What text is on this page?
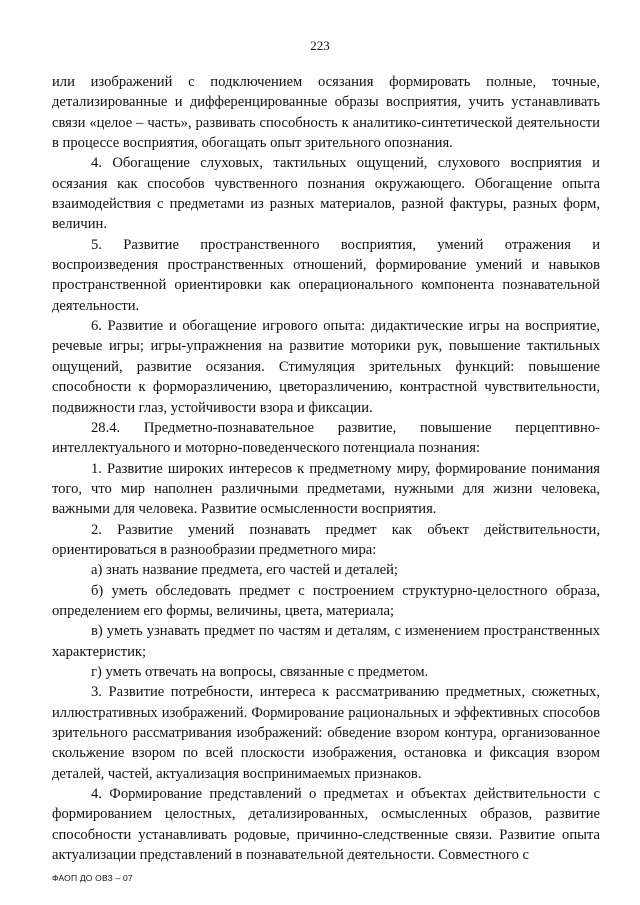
223

или изображений с подключением осязания формировать полные, точные, детализированные и дифференцированные образы восприятия, учить устанавливать связи «целое – часть», развивать способность к аналитико-синтетической деятельности в процессе восприятия, обогащать опыт зрительного опознания.

4. Обогащение слуховых, тактильных ощущений, слухового восприятия и осязания как способов чувственного познания окружающего. Обогащение опыта взаимодействия с предметами из разных материалов, разной фактуры, разных форм, величин.

5. Развитие пространственного восприятия, умений отражения и воспроизведения пространственных отношений, формирование умений и навыков пространственной ориентировки как операционального компонента познавательной деятельности.

6. Развитие и обогащение игрового опыта: дидактические игры на восприятие, речевые игры; игры-упражнения на развитие моторики рук, повышение тактильных ощущений, развитие осязания. Стимуляция зрительных функций: повышение способности к форморазличению, цветоразличению, контрастной чувствительности, подвижности глаз, устойчивости взора и фиксации.

28.4. Предметно-познавательное развитие, повышение перцептивно-интеллектуального и моторно-поведенческого потенциала познания:

1. Развитие широких интересов к предметному миру, формирование понимания того, что мир наполнен различными предметами, нужными для жизни человека, важными для человека. Развитие осмысленности восприятия.

2. Развитие умений познавать предмет как объект действительности, ориентироваться в разнообразии предметного мира:

а) знать название предмета, его частей и деталей;

б) уметь обследовать предмет с построением структурно-целостного образа, определением его формы, величины, цвета, материала;

в) уметь узнавать предмет по частям и деталям, с изменением пространственных характеристик;

г) уметь отвечать на вопросы, связанные с предметом.

3. Развитие потребности, интереса к рассматриванию предметных, сюжетных, иллюстративных изображений. Формирование рациональных и эффективных способов зрительного рассматривания изображений: обведение взором контура, организованное скольжение взором по всей плоскости изображения, остановка и фиксация взором деталей, частей, актуализация воспринимаемых признаков.

4. Формирование представлений о предметах и объектах действительности с формированием целостных, детализированных, осмысленных образов, развитие способности устанавливать родовые, причинно-следственные связи. Развитие опыта актуализации представлений в познавательной деятельности. Совместного с

ФАОП ДО ОВЗ – 07
